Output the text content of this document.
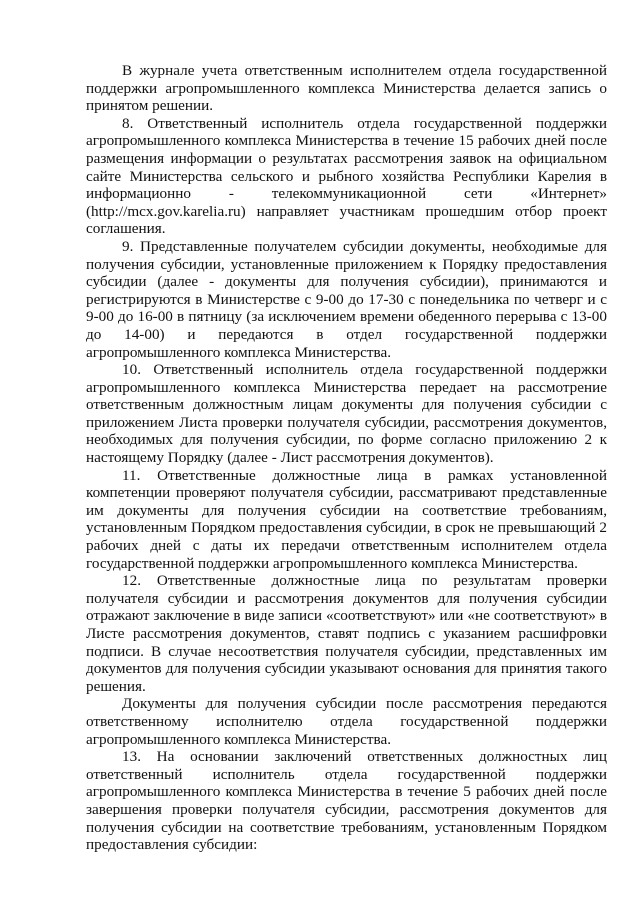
В журнале учета ответственным исполнителем отдела государственной поддержки агропромышленного комплекса Министерства делается запись о принятом решении.

8. Ответственный исполнитель отдела государственной поддержки агропромышленного комплекса Министерства в течение 15 рабочих дней после размещения информации о результатах рассмотрения заявок на официальном сайте Министерства сельского и рыбного хозяйства Республики Карелия в информационно - телекоммуникационной сети «Интернет» (http://mcx.gov.karelia.ru) направляет участникам прошедшим отбор проект соглашения.

9. Представленные получателем субсидии документы, необходимые для получения субсидии, установленные приложением к Порядку предоставления субсидии (далее - документы для получения субсидии), принимаются и регистрируются в Министерстве с 9-00 до 17-30 с понедельника по четверг и с 9-00 до 16-00 в пятницу (за исключением времени обеденного перерыва с 13-00 до 14-00) и передаются в отдел государственной поддержки агропромышленного комплекса Министерства.

10. Ответственный исполнитель отдела государственной поддержки агропромышленного комплекса Министерства передает на рассмотрение ответственным должностным лицам документы для получения субсидии с приложением Листа проверки получателя субсидии, рассмотрения документов, необходимых для получения субсидии, по форме согласно приложению 2 к настоящему Порядку (далее - Лист рассмотрения документов).

11. Ответственные должностные лица в рамках установленной компетенции проверяют получателя субсидии, рассматривают представленные им документы для получения субсидии на соответствие требованиям, установленным Порядком предоставления субсидии, в срок не превышающий 2 рабочих дней с даты их передачи ответственным исполнителем отдела государственной поддержки агропромышленного комплекса Министерства.

12. Ответственные должностные лица по результатам проверки получателя субсидии и рассмотрения документов для получения субсидии отражают заключение в виде записи «соответствуют» или «не соответствуют» в Листе рассмотрения документов, ставят подпись с указанием расшифровки подписи. В случае несоответствия получателя субсидии, представленных им документов для получения субсидии указывают основания для принятия такого решения.

Документы для получения субсидии после рассмотрения передаются ответственному исполнителю отдела государственной поддержки агропромышленного комплекса Министерства.

13. На основании заключений ответственных должностных лиц ответственный исполнитель отдела государственной поддержки агропромышленного комплекса Министерства в течение 5 рабочих дней после завершения проверки получателя субсидии, рассмотрения документов для получения субсидии на соответствие требованиям, установленным Порядком предоставления субсидии:
